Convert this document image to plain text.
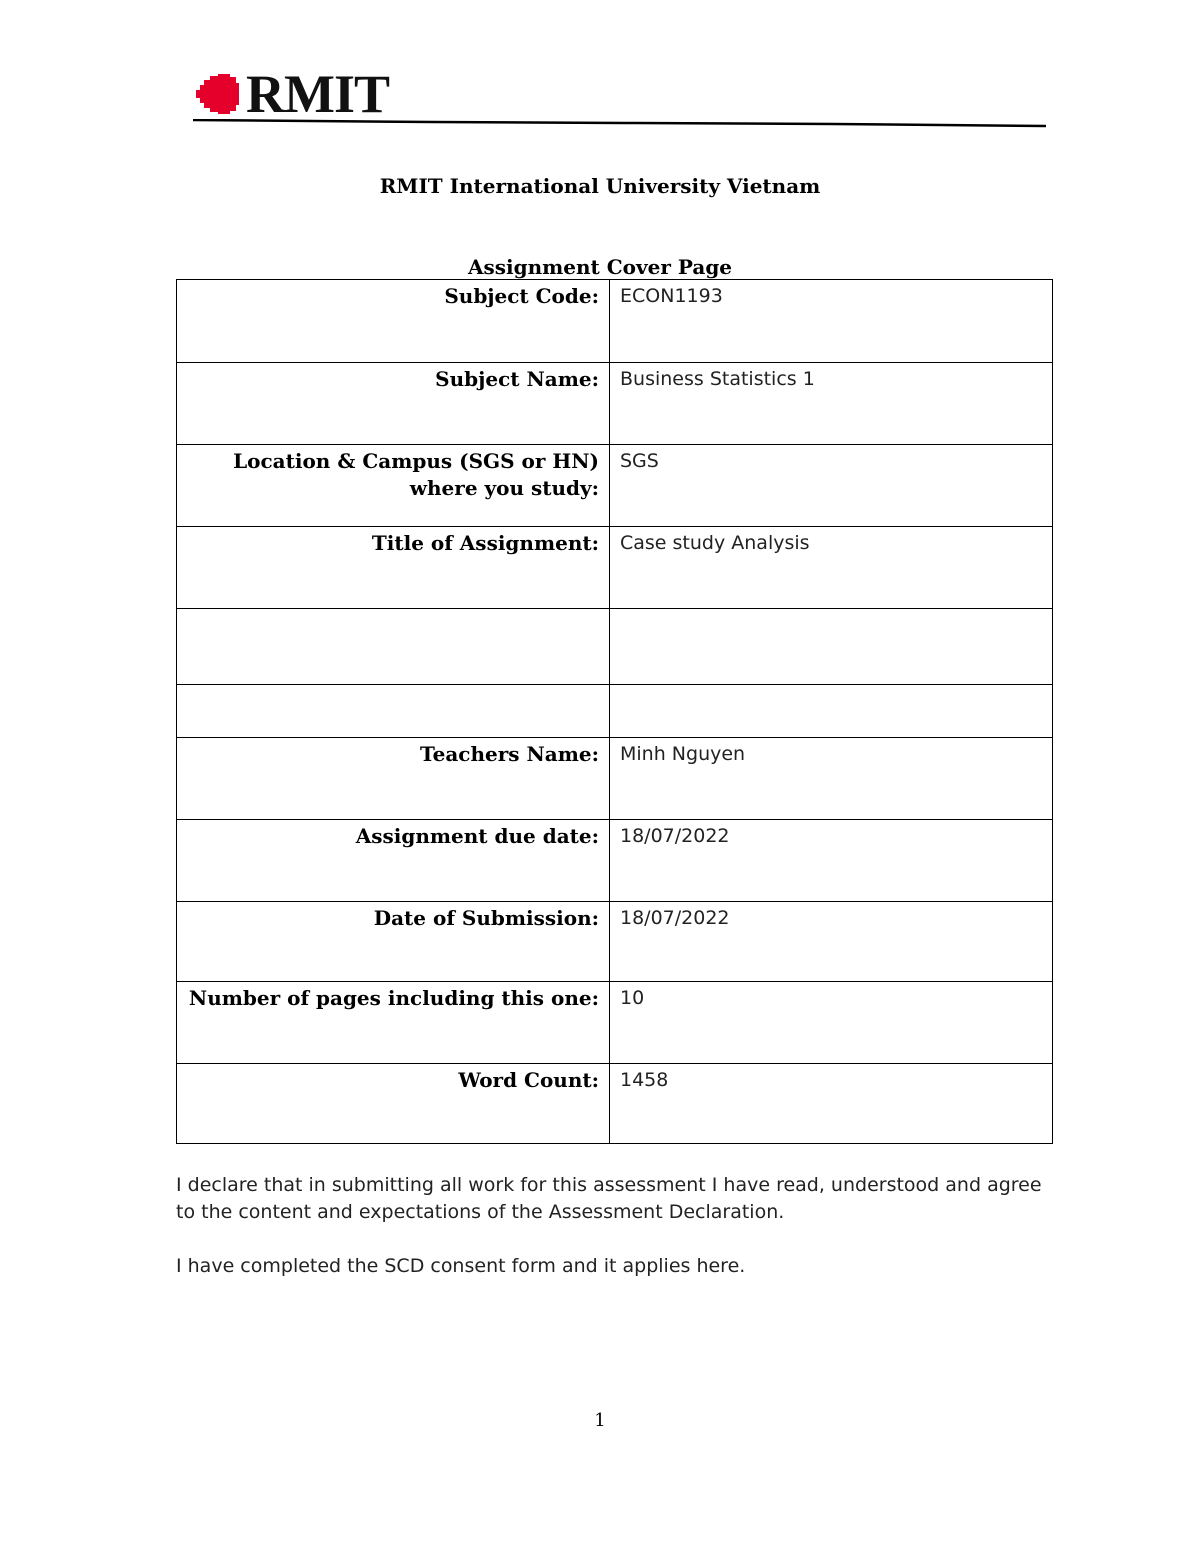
RMIT
RMIT International University Vietnam
Assignment Cover Page
Subject Code:	ECON1193
Subject Name:	Business Statistics 1
Location & Campus (SGS or HN) where you study:	SGS
Title of Assignment:	Case study Analysis

Teachers Name:	Minh Nguyen
Assignment due date:	18/07/2022
Date of Submission:	18/07/2022
Number of pages including this one:	10
Word Count:	1458

I declare that in submitting all work for this assessment I have read, understood and agree to the content and expectations of the Assessment Declaration.

I have completed the SCD consent form and it applies here.

1
